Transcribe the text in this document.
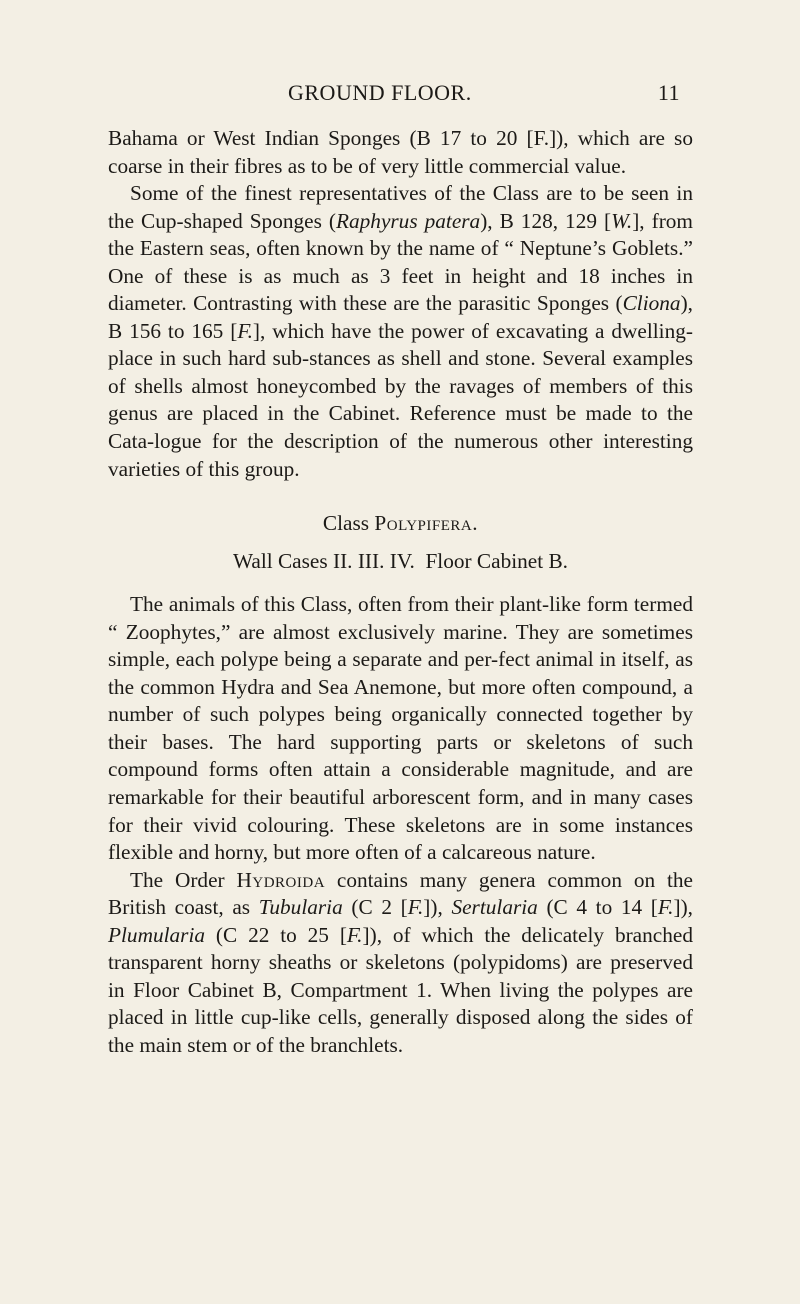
GROUND FLOOR.	11

Bahama or West Indian Sponges (B 17 to 20 [F.]), which are so coarse in their fibres as to be of very little commercial value.

Some of the finest representatives of the Class are to be seen in the Cup-shaped Sponges (Raphyrus patera), B 128, 129 [W.], from the Eastern seas, often known by the name of “ Neptune’s Goblets.” One of these is as much as 3 feet in height and 18 inches in diameter. Contrasting with these are the parasitic Sponges (Cliona), B 156 to 165 [F.], which have the power of excavating a dwelling-place in such hard sub-stances as shell and stone. Several examples of shells almost honeycombed by the ravages of members of this genus are placed in the Cabinet. Reference must be made to the Cata-logue for the description of the numerous other interesting varieties of this group.

Class Polypifera.

Wall Cases II. III. IV.  Floor Cabinet B.

The animals of this Class, often from their plant-like form termed “ Zoophytes,” are almost exclusively marine. They are sometimes simple, each polype being a separate and per-fect animal in itself, as the common Hydra and Sea Anemone, but more often compound, a number of such polypes being organically connected together by their bases. The hard supporting parts or skeletons of such compound forms often attain a considerable magnitude, and are remarkable for their beautiful arborescent form, and in many cases for their vivid colouring. These skeletons are in some instances flexible and horny, but more often of a calcareous nature.

The Order Hydroida contains many genera common on the British coast, as Tubularia (C 2 [F.]), Sertularia (C 4 to 14 [F.]), Plumularia (C 22 to 25 [F.]), of which the delicately branched transparent horny sheaths or skeletons (polypidoms) are preserved in Floor Cabinet B, Compartment 1. When living the polypes are placed in little cup-like cells, generally disposed along the sides of the main stem or of the branchlets.
